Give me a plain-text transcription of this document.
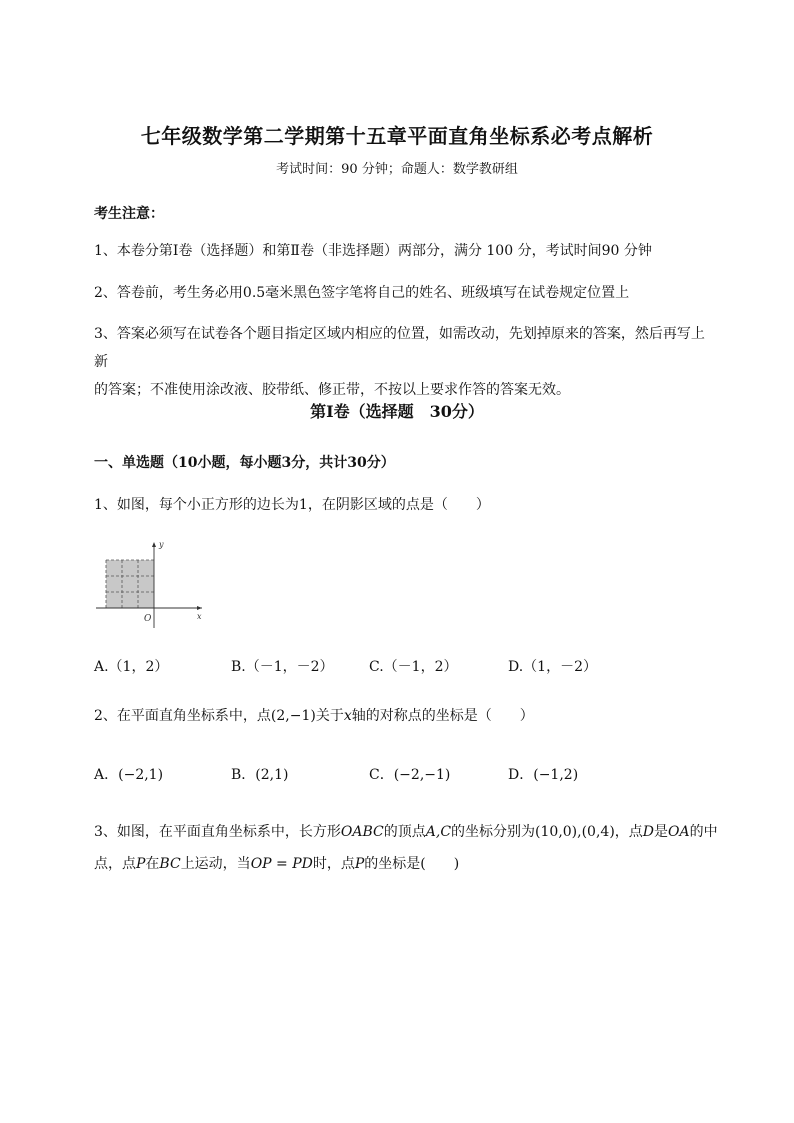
七年级数学第二学期第十五章平面直角坐标系必考点解析
考试时间：90 分钟；命题人：数学教研组
考生注意：
1、本卷分第Ⅰ卷（选择题）和第Ⅱ卷（非选择题）两部分，满分 100 分，考试时间90 分钟
2、答卷前，考生务必用0.5毫米黑色签字笔将自己的姓名、班级填写在试卷规定位置上
3、答案必须写在试卷各个题目指定区域内相应的位置，如需改动，先划掉原来的答案，然后再写上新
的答案；不准使用涂改液、胶带纸、修正带，不按以上要求作答的答案无效。
第Ⅰ卷（选择题　30分）
一、单选题（10小题，每小题3分，共计30分）
1、如图，每个小正方形的边长为1，在阴影区域的点是（　　）
y
x
O
A.（1，2）	B.（－1，－2）	C.（－1，2）	D.（1，－2）
2、在平面直角坐标系中，点(2,−1)关于x轴的对称点的坐标是（　　）
A．(−2,1)	B．(2,1)	C．(−2,−1)	D．(−1,2)
3、如图，在平面直角坐标系中，长方形OABC的顶点A,C的坐标分别为(10,0),(0,4)，点D是OA的中
点，点P在BC上运动，当OP = PD时，点P的坐标是(　　)
